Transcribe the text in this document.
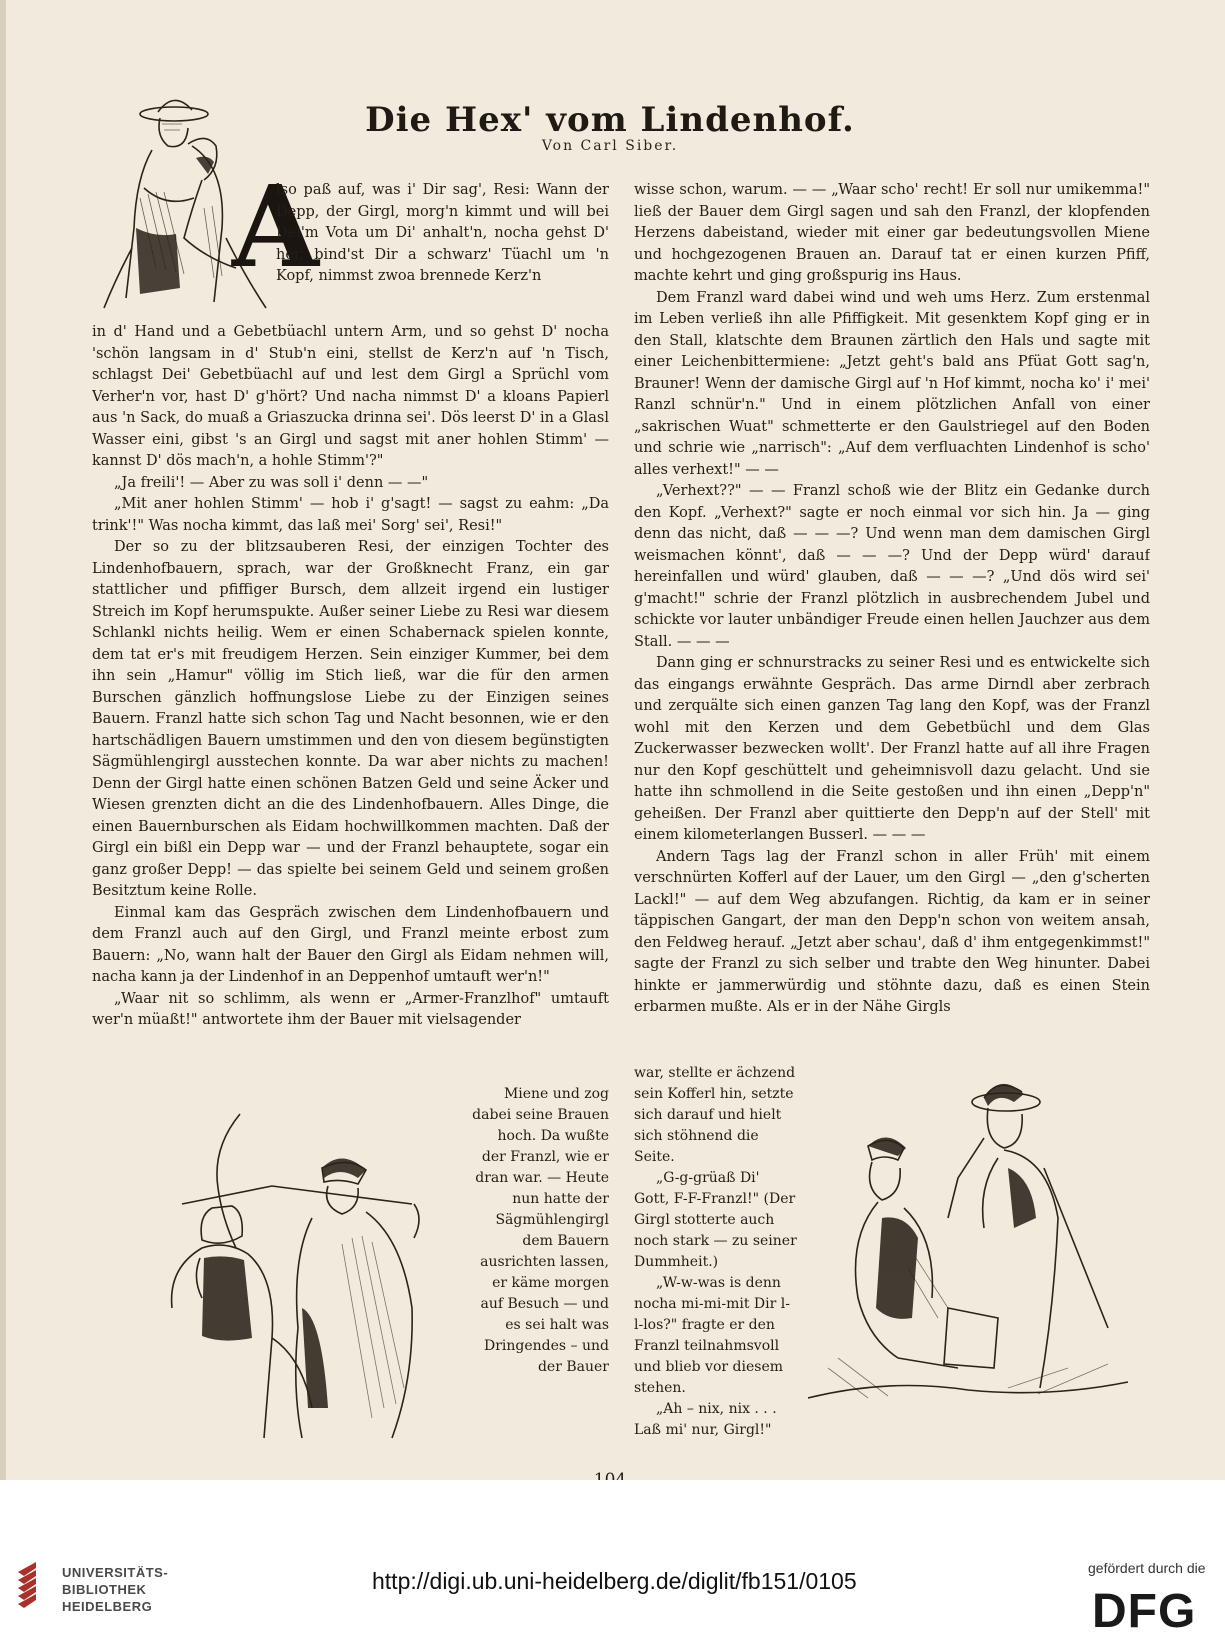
A
Die Hex' vom Lindenhof.
Von Carl Siber.

lso paß auf, was i' Dir sag', Resi: Wann der Depp, der Girgl, morg'n kimmt und will bei Dei'm Vota um Di' anhalt'n, nocha gehst D' her, bind'st Dir a schwarz' Tüachl um 'n Kopf, nimmst zwoa brennede Kerz'n

in d' Hand und a Gebetbüachl untern Arm, und so gehst D' nocha 'schön langsam in d' Stub'n eini, stellst de Kerz'n auf 'n Tisch, schlagst Dei' Gebetbüachl auf und lest dem Girgl a Sprüchl vom Verher'n vor, hast D' g'hört? Und nacha nimmst D' a kloans Papierl aus 'n Sack, do muaß a Griaszucka drinna sei'. Dös leerst D' in a Glasl Wasser eini, gibst 's an Girgl und sagst mit aner hohlen Stimm' — kannst D' dös mach'n, a hohle Stimm'?"

„Ja freili'! — Aber zu was soll i' denn — —"

„Mit aner hohlen Stimm' — hob i' g'sagt! — sagst zu eahm: „Da trink'!" Was nocha kimmt, das laß mei' Sorg' sei', Resi!"

Der so zu der blitzsauberen Resi, der einzigen Tochter des Lindenhofbauern, sprach, war der Großknecht Franz, ein gar stattlicher und pfiffiger Bursch, dem allzeit irgend ein lustiger Streich im Kopf herumspukte. Außer seiner Liebe zu Resi war diesem Schlankl nichts heilig. Wem er einen Schabernack spielen konnte, dem tat er's mit freudigem Herzen. Sein einziger Kummer, bei dem ihn sein „Hamur" völlig im Stich ließ, war die für den armen Burschen gänzlich hoffnungslose Liebe zu der Einzigen seines Bauern. Franzl hatte sich schon Tag und Nacht besonnen, wie er den hartschädligen Bauern umstimmen und den von diesem begünstigten Sägmühlengirgl ausstechen konnte. Da war aber nichts zu machen! Denn der Girgl hatte einen schönen Batzen Geld und seine Äcker und Wiesen grenzten dicht an die des Lindenhofbauern. Alles Dinge, die einen Bauernburschen als Eidam hochwillkommen machten. Daß der Girgl ein bißl ein Depp war — und der Franzl behauptete, sogar ein ganz großer Depp! — das spielte bei seinem Geld und seinem großen Besitztum keine Rolle.

Einmal kam das Gespräch zwischen dem Lindenhofbauern und dem Franzl auch auf den Girgl, und Franzl meinte erbost zum Bauern: „No, wann halt der Bauer den Girgl als Eidam nehmen will, nacha kann ja der Lindenhof in an Deppenhof umtauft wer'n!"

„Waar nit so schlimm, als wenn er „Armer-Franzlhof" umtauft wer'n müaßt!" antwortete ihm der Bauer mit vielsagender

Miene und zog dabei seine Brauen hoch. Da wußte der Franzl, wie er dran war. — Heute nun hatte der Sägmühlengirgl dem Bauern ausrichten lassen, er käme morgen auf Besuch — und es sei halt was Dringendes – und der Bauer

wisse schon, warum. — — „Waar scho' recht! Er soll nur umikemma!" ließ der Bauer dem Girgl sagen und sah den Franzl, der klopfenden Herzens dabeistand, wieder mit einer gar bedeutungsvollen Miene und hochgezogenen Brauen an. Darauf tat er einen kurzen Pfiff, machte kehrt und ging großspurig ins Haus.

Dem Franzl ward dabei wind und weh ums Herz. Zum erstenmal im Leben verließ ihn alle Pfiffigkeit. Mit gesenktem Kopf ging er in den Stall, klatschte dem Braunen zärtlich den Hals und sagte mit einer Leichenbittermiene: „Jetzt geht's bald ans Pfüat Gott sag'n, Brauner! Wenn der damische Girgl auf 'n Hof kimmt, nocha ko' i' mei' Ranzl schnür'n." Und in einem plötzlichen Anfall von einer „sakrischen Wuat" schmetterte er den Gaulstriegel auf den Boden und schrie wie „narrisch": „Auf dem verfluachten Lindenhof is scho' alles verhext!" — —

„Verhext??" — — Franzl schoß wie der Blitz ein Gedanke durch den Kopf. „Verhext?" sagte er noch einmal vor sich hin. Ja — ging denn das nicht, daß — — —? Und wenn man dem damischen Girgl weismachen könnt', daß — — —? Und der Depp würd' darauf hereinfallen und würd' glauben, daß — — —? „Und dös wird sei' g'macht!" schrie der Franzl plötzlich in ausbrechendem Jubel und schickte vor lauter unbändiger Freude einen hellen Jauchzer aus dem Stall. — — —

Dann ging er schnurstracks zu seiner Resi und es entwickelte sich das eingangs erwähnte Gespräch. Das arme Dirndl aber zerbrach und zerquälte sich einen ganzen Tag lang den Kopf, was der Franzl wohl mit den Kerzen und dem Gebetbüchl und dem Glas Zuckerwasser bezwecken wollt'. Der Franzl hatte auf all ihre Fragen nur den Kopf geschüttelt und geheimnisvoll dazu gelacht. Und sie hatte ihn schmollend in die Seite gestoßen und ihn einen „Depp'n" geheißen. Der Franzl aber quittierte den Depp'n auf der Stell' mit einem kilometerlangen Busserl. — — —

Andern Tags lag der Franzl schon in aller Früh' mit einem verschnürten Kofferl auf der Lauer, um den Girgl — „den g'scherten Lackl!" — auf dem Weg abzufangen. Richtig, da kam er in seiner täppischen Gangart, der man den Depp'n schon von weitem ansah, den Feldweg herauf. „Jetzt aber schau', daß d' ihm entgegenkimmst!" sagte der Franzl zu sich selber und trabte den Weg hinunter. Dabei hinkte er jammerwürdig und stöhnte dazu, daß es einen Stein erbarmen mußte. Als er in der Nähe Girgls

war, stellte er ächzend sein Kofferl hin, setzte sich darauf und hielt sich stöhnend die Seite.

„G-g-grüaß Di' Gott, F-F-Franzl!" (Der Girgl stotterte auch noch stark — zu seiner Dummheit.)

„W-w-was is denn nocha mi-mi-mit Dir l-l-los?" fragte er den Franzl teilnahmsvoll und blieb vor diesem stehen.

„Ah – nix, nix . . . Laß mi' nur, Girgl!"

UNIVERSITÄTS-
BIBLIOTHEK
HEIDELBERG
http://digi.ub.uni-heidelberg.de/diglit/fb151/0105	gefördert durch die
DFG
